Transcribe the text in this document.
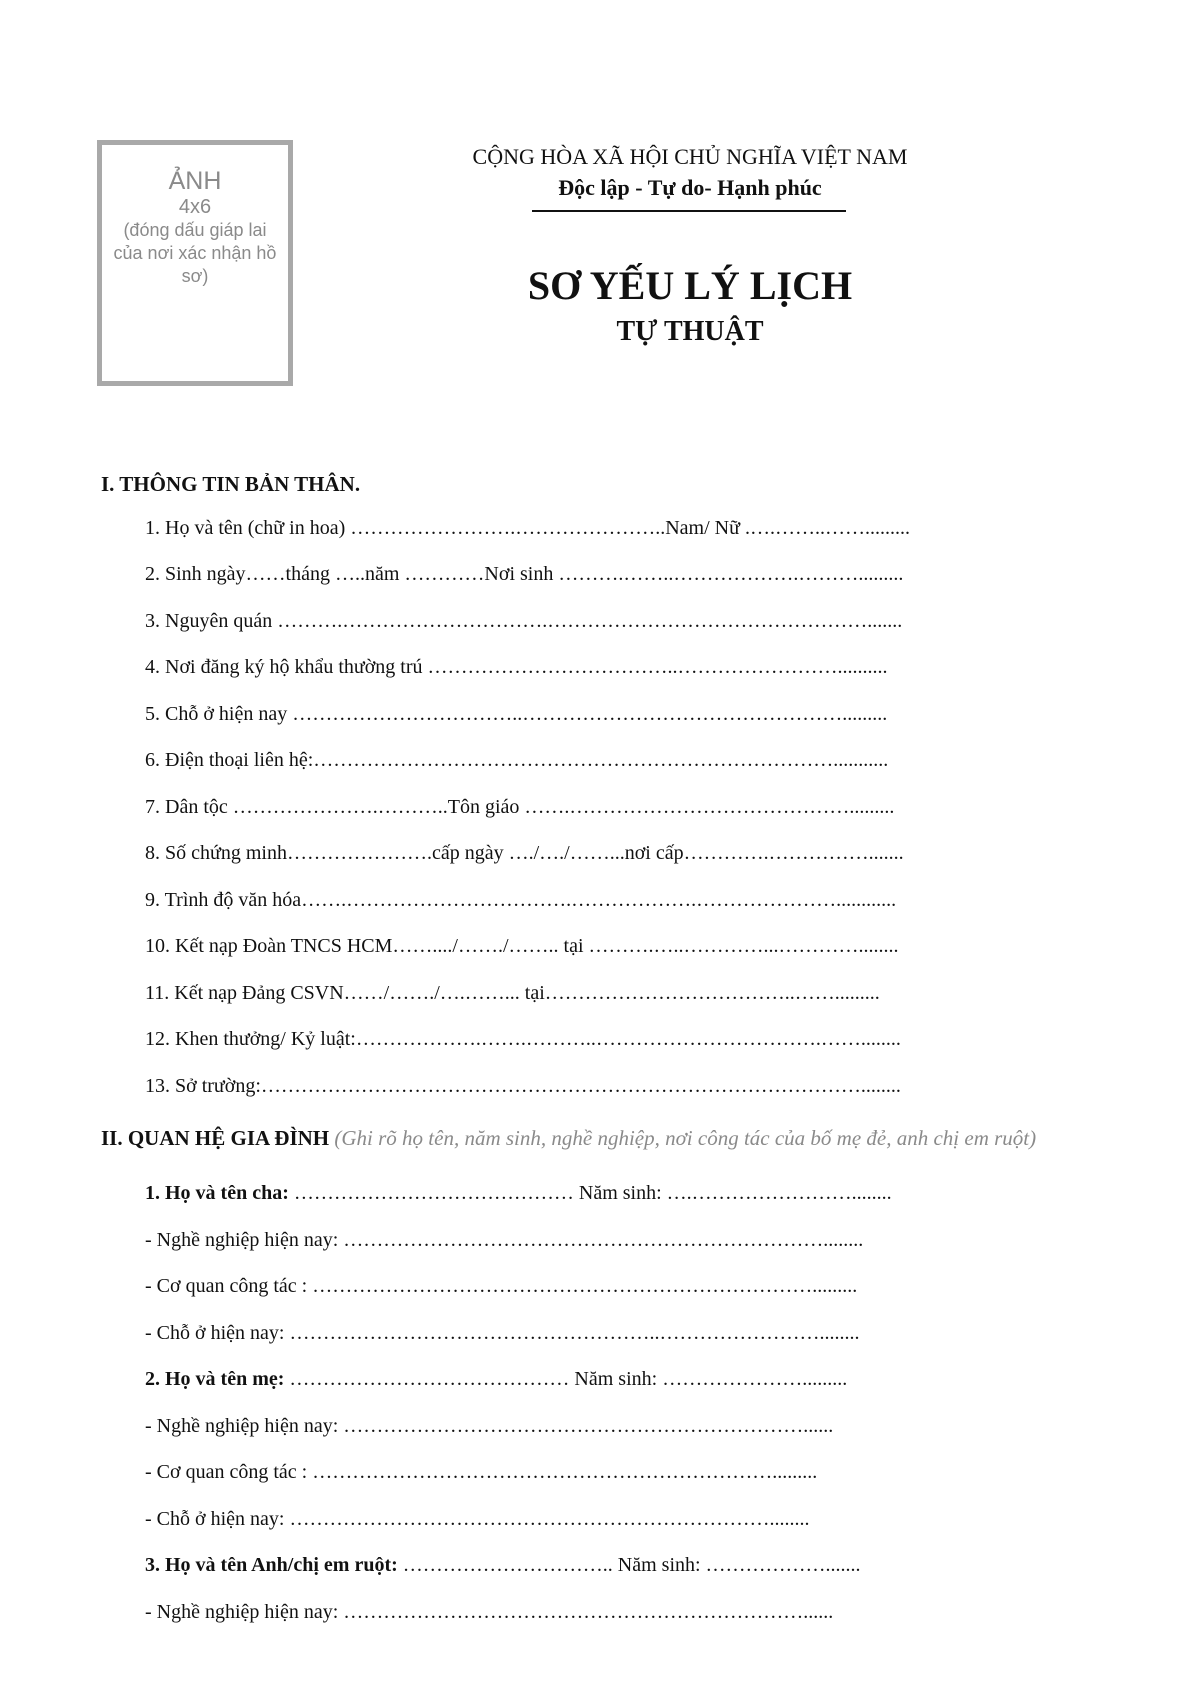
ẢNH
4x6
(đóng dấu giáp lai của nơi xác nhận hồ sơ)
CỘNG HÒA XÃ HỘI CHỦ NGHĨA VIỆT NAM
Độc lập - Tự do- Hạnh phúc
SƠ YẾU LÝ LỊCH
TỰ THUẬT
I. THÔNG TIN BẢN THÂN.
1. Họ và tên (chữ in hoa) …………………….…………………..Nam/ Nữ .….……..…….........
2. Sinh ngày……tháng …..năm …………Nơi sinh ……….……..……………….……….........
3. Nguyên quán ……….………………………….………………………………………….......
4. Nơi đăng ký hộ khẩu thường trú ………………………………..……………………..........
5. Chỗ ở hiện nay ……………………………..………………………………………….........
6. Điện thoại liên hệ:……………………………………………………………………...........
7. Dân tộc ………………….………..Tôn giáo …….…………………………………….........
8. Số chứng minh………………….cấp ngày …./…./……...nơi cấp………….…………….......
9. Trình độ văn hóa…….…………………………….……………….…………………............
10. Kết nạp Đoàn TNCS HCM……..../……./…….. tại ……….…..…………...…………........
11. Kết nạp Đảng CSVN……/……./….……... tại………………………………..…….........
12. Khen thưởng/ Kỷ luật:……………….…….………..…………………………….……........
13. Sở trường:………………………………………………………………………………........
II. QUAN HỆ GIA ĐÌNH (Ghi rõ họ tên, năm sinh, nghề nghiệp, nơi công tác của bố mẹ đẻ, anh chị em ruột)
1. Họ và tên cha: …………………………………… Năm sinh: ….……………………........
- Nghề nghiệp hiện nay: ………………………………………………………………........
- Cơ quan công tác : ………………………………………………………………….........
- Chỗ ở hiện nay: ………………………………………………..……………………........
2. Họ và tên mẹ: …………………………………… Năm sinh: ………………….........
- Nghề nghiệp hiện nay: ……………………………………………………………......
- Cơ quan công tác : …………………………………………………………….........
- Chỗ ở hiện nay: ………………………………………………………………........
3. Họ và tên Anh/chị em ruột: ………………………….. Năm sinh: ……………….......
- Nghề nghiệp hiện nay: ……………………………………………………………......
